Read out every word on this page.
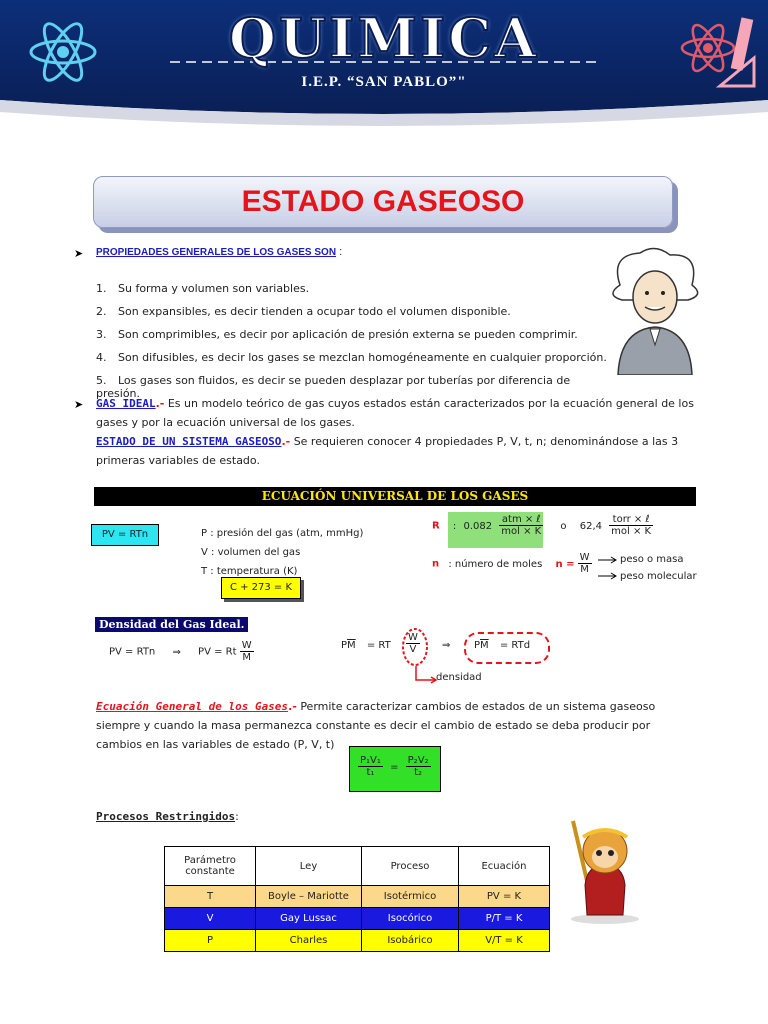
QUIMICA
I.E.P. “SAN PABLO”"
ESTADO GASEOSO
➤ PROPIEDADES GENERALES DE LOS GASES SON :
1. Su forma y volumen son variables.
2. Son expansibles, es decir tienden a ocupar todo el volumen disponible.
3. Son comprimibles, es decir por aplicación de presión externa se pueden comprimir.
4. Son difusibles, es decir los gases se mezclan homogéneamente en cualquier proporción.
5. Los gases son fluidos, es decir se pueden desplazar por tuberías por diferencia de presión.
➤ GAS IDEAL.- Es un modelo teórico de gas cuyos estados están caracterizados por la ecuación general de los gases y por la ecuación universal de los gases.
ESTADO DE UN SISTEMA GASEOSO.- Se requieren conocer 4 propiedades P, V, t, n; denominándose a las 3 primeras variables de estado.
ECUACIÓN UNIVERSAL DE LOS GASES
PV = RTn	P : presión del gas (atm, mmHg)
V : volumen del gas
T : temperatura (K)
C + 273 = K
R : $0.082 \frac{\text{atm × ℓ}}{\text{mol × K}}$ o $62,4 \frac{\text{torr × ℓ}}{\text{mol × K}}$
n : número de moles $n = \frac{W}{M}$	peso o masa
peso molecular
Densidad del Gas Ideal.
PV = RTn ⇒ PV = Rt $\frac{W}{M}$	$P\overline{M}$ = RT $\frac{W}{V}$ ⇒ $P\overline{M}$ = RTd
densidad
Ecuación General de los Gases.- Permite caracterizar cambios de estados de un sistema gaseoso siempre y cuando la masa permanezca constante es decir el cambio de estado se deba producir por cambios en las variables de estado (P, V, t)
$\frac{\text{P₁V₁}}{\text{t₁}} = \frac{\text{P₂V₂}}{\text{t₂}}$
Procesos Restringidos:
Parámetro constante	Ley	Proceso	Ecuación
T	Boyle – Mariotte	Isotérmico	PV = K
V	Gay Lussac	Isocórico	P/T = K
P	Charles	Isobárico	V/T = K
